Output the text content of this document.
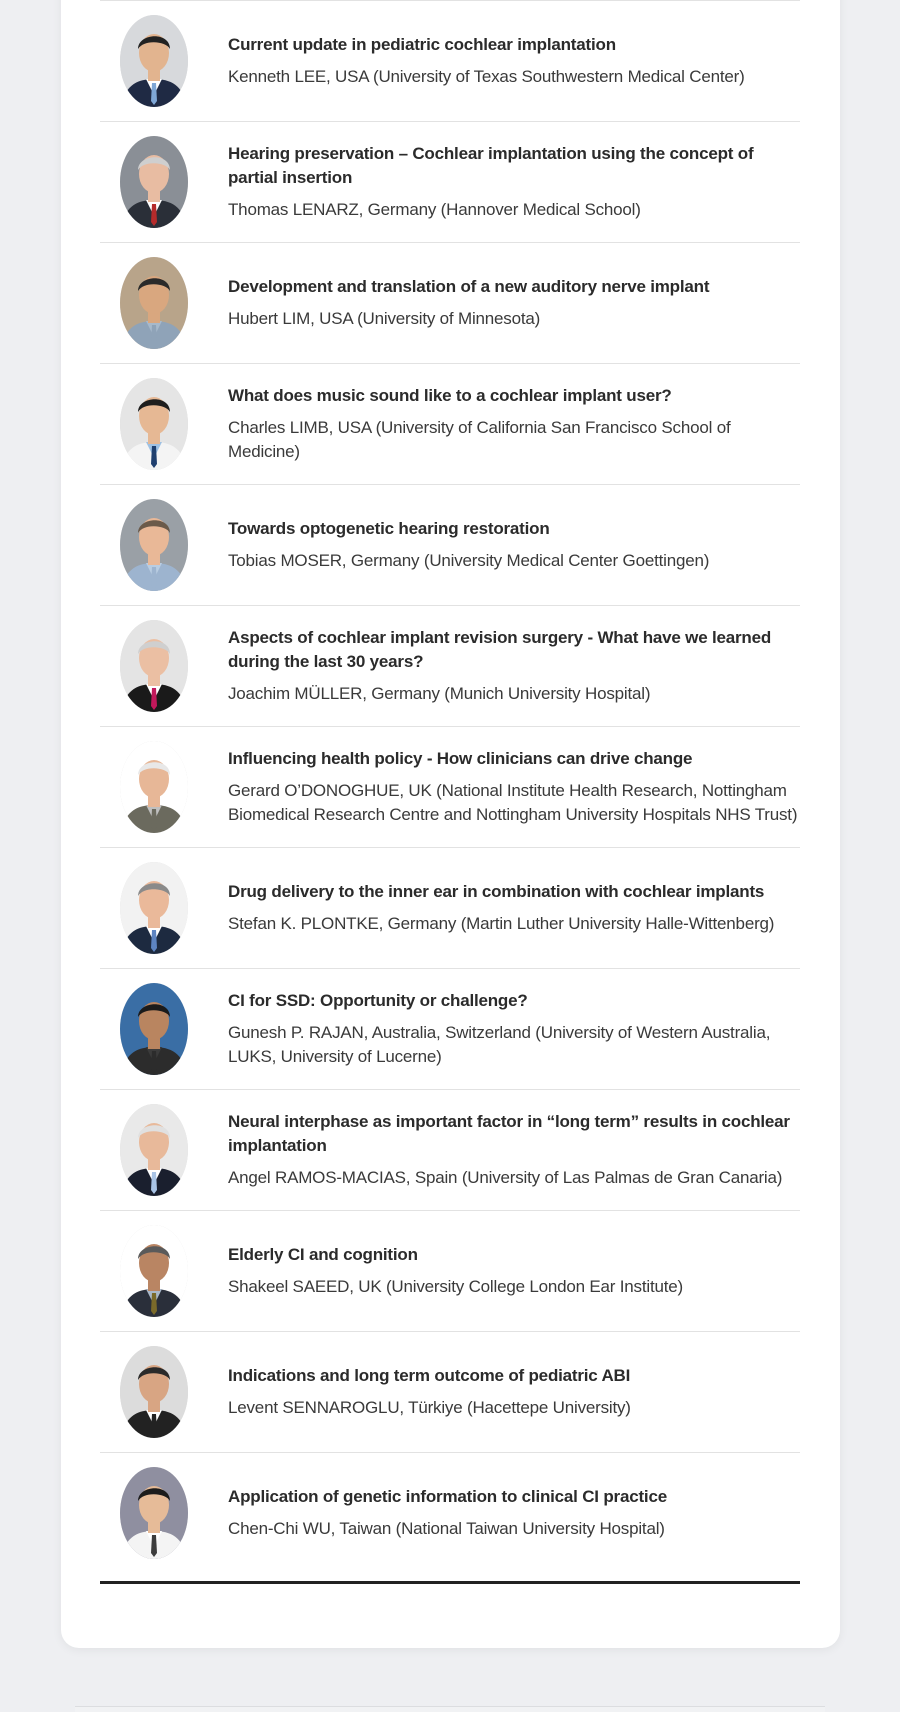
Current update in pediatric cochlear implantation

Kenneth LEE, USA (University of Texas Southwestern Medical Center)

Hearing preservation – Cochlear implantation using the concept of partial insertion

Thomas LENARZ, Germany (Hannover Medical School)

Development and translation of a new auditory nerve implant

Hubert LIM, USA (University of Minnesota)

What does music sound like to a cochlear implant user?

Charles LIMB, USA (University of California San Francisco School of Medicine)

Towards optogenetic hearing restoration

Tobias MOSER, Germany (University Medical Center Goettingen)

Aspects of cochlear implant revision surgery - What have we learned during the last 30 years?

Joachim MÜLLER, Germany (Munich University Hospital)

Influencing health policy - How clinicians can drive change

Gerard O’DONOGHUE, UK (National Institute Health Research, Nottingham Biomedical Research Centre and Nottingham University Hospitals NHS Trust)

Drug delivery to the inner ear in combination with cochlear implants

Stefan K. PLONTKE, Germany (Martin Luther University Halle-Wittenberg)

CI for SSD: Opportunity or challenge?

Gunesh P. RAJAN, Australia, Switzerland (University of Western Australia, LUKS, University of Lucerne)

Neural interphase as important factor in “long term” results in cochlear implantation

Angel RAMOS-MACIAS, Spain (University of Las Palmas de Gran Canaria)

Elderly CI and cognition

Shakeel SAEED, UK (University College London Ear Institute)

Indications and long term outcome of pediatric ABI

Levent SENNAROGLU, Türkiye (Hacettepe University)

Application of genetic information to clinical CI practice

Chen-Chi WU, Taiwan (National Taiwan University Hospital)
